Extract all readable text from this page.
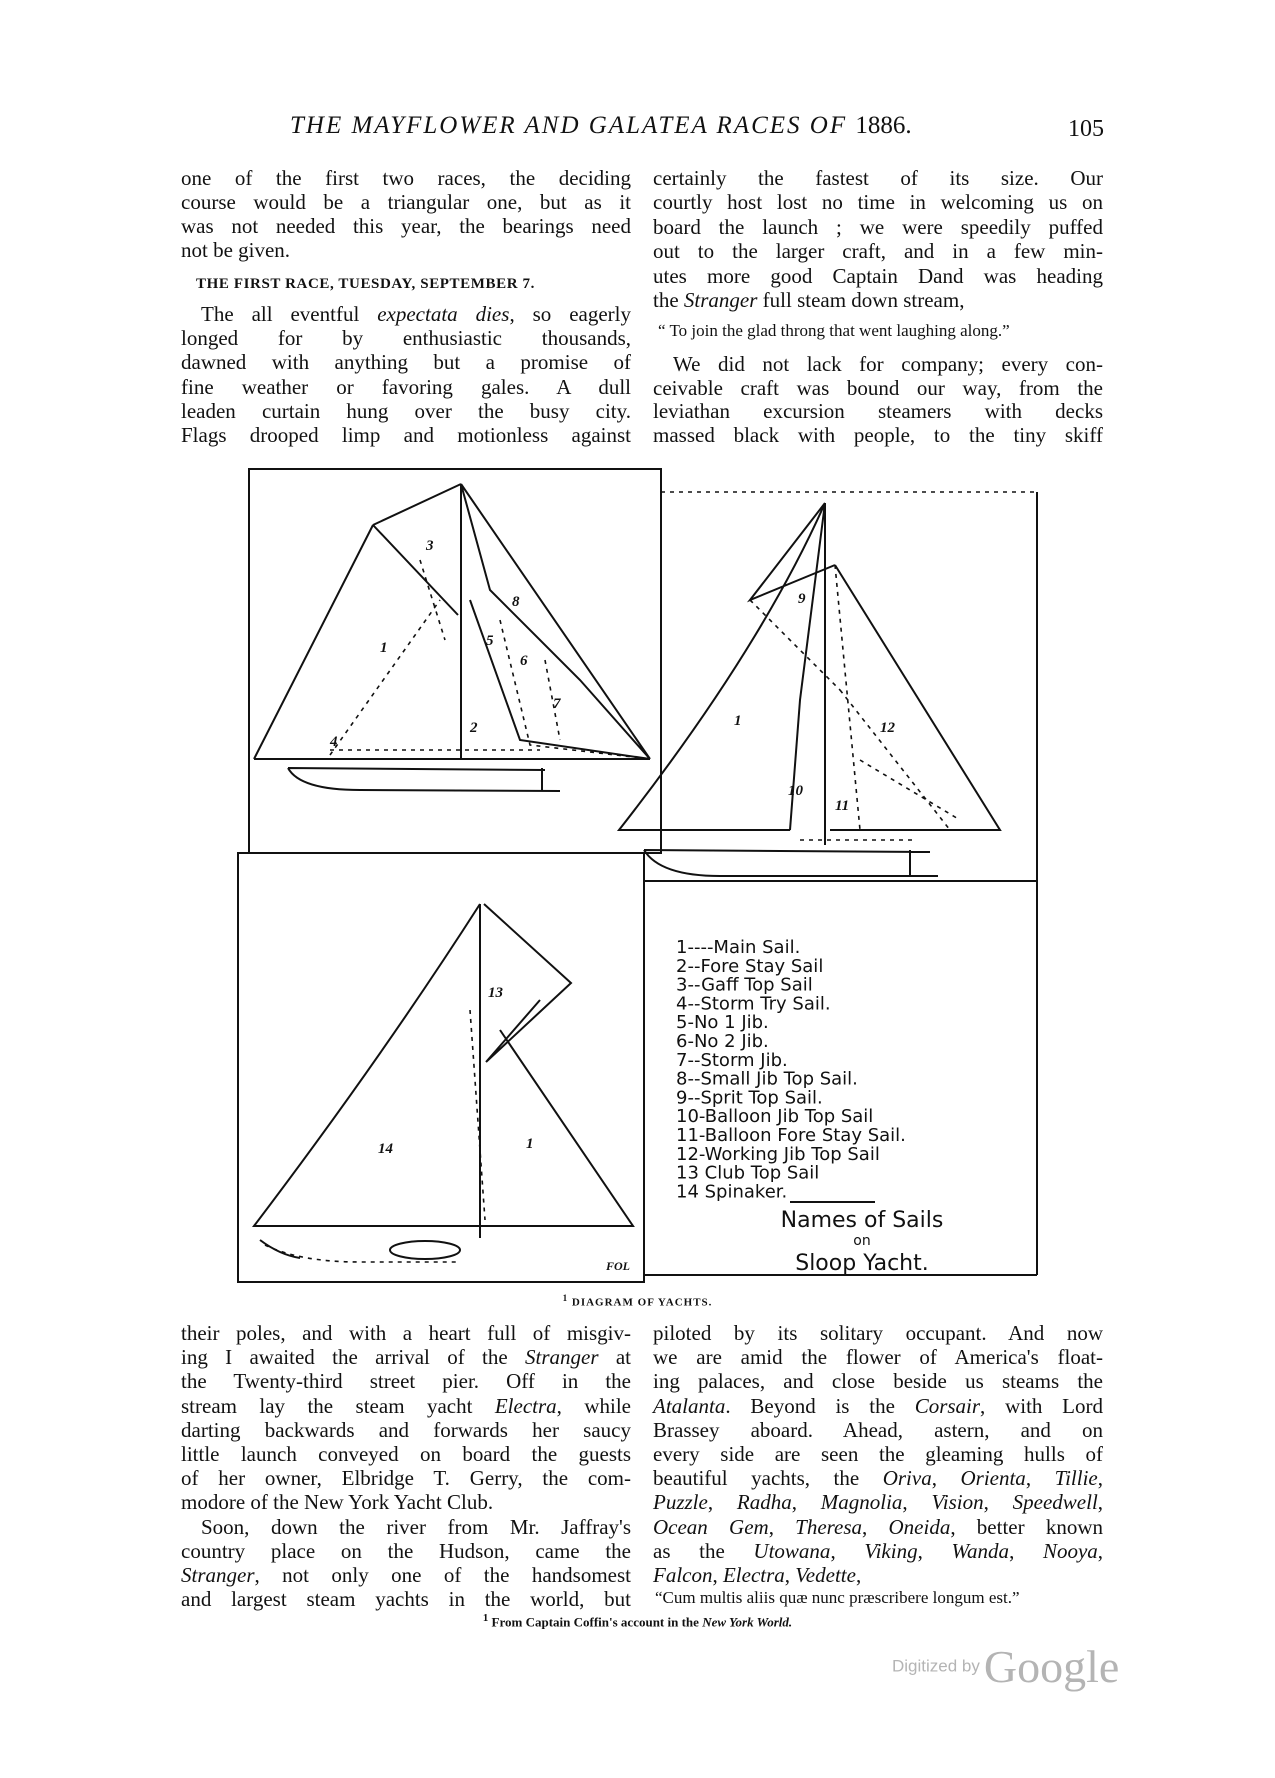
THE MAYFLOWER AND GALATEA RACES OF 1886.	105
one of the first two races, the deciding
course would be a triangular one, but as it
was not needed this year, the bearings need
not be given.
THE FIRST RACE, TUESDAY, SEPTEMBER 7.
The all eventful expectata dies, so eagerly
longed for by enthusiastic thousands,
dawned with anything but a promise of
fine weather or favoring gales. A dull
leaden curtain hung over the busy city.
Flags drooped limp and motionless against
certainly the fastest of its size. Our
courtly host lost no time in welcoming us on
board the launch ; we were speedily puffed
out to the larger craft, and in a few min-
utes more good Captain Dand was heading
the Stranger full steam down stream,
“ To join the glad throng that went laughing along.”
We did not lack for company; every con-
ceivable craft was bound our way, from the
leviathan excursion steamers with decks
massed black with people, to the tiny skiff
3
8
1	5
6
7
2
4
9
1	12
10
11
13
14	1
FOL
1----Main Sail.
2--Fore Stay Sail
3--Gaff Top Sail
4--Storm Try Sail.
5-No 1 Jib.
6-No 2 Jib.
7--Storm Jib.
8--Small Jib Top Sail.
9--Sprit Top Sail.
10-Balloon Jib Top Sail
11-Balloon Fore Stay Sail.
12-Working Jib Top Sail
13 Club Top Sail
14 Spinaker.
Names of Sails
on
Sloop Yacht.
$^1$ DIAGRAM OF YACHTS.
their poles, and with a heart full of misgiv-
ing I awaited the arrival of the Stranger at
the Twenty-third street pier. Off in the
stream lay the steam yacht Electra, while
darting backwards and forwards her saucy
little launch conveyed on board the guests
of her owner, Elbridge T. Gerry, the com-
modore of the New York Yacht Club.
Soon, down the river from Mr. Jaffray's
country place on the Hudson, came the
Stranger, not only one of the handsomest
and largest steam yachts in the world, but
piloted by its solitary occupant. And now
we are amid the flower of America's float-
ing palaces, and close beside us steams the
Atalanta. Beyond is the Corsair, with Lord
Brassey aboard. Ahead, astern, and on
every side are seen the gleaming hulls of
beautiful yachts, the Oriva, Orienta, Tillie,
Puzzle, Radha, Magnolia, Vision, Speedwell,
Ocean Gem, Theresa, Oneida, better known
as the Utowana, Viking, Wanda, Nooya,
Falcon, Electra, Vedette,
“Cum multis aliis quæ nunc præscribere longum est.”
$^1$ From Captain Coffin's account in the New York World.
Digitized by Google
